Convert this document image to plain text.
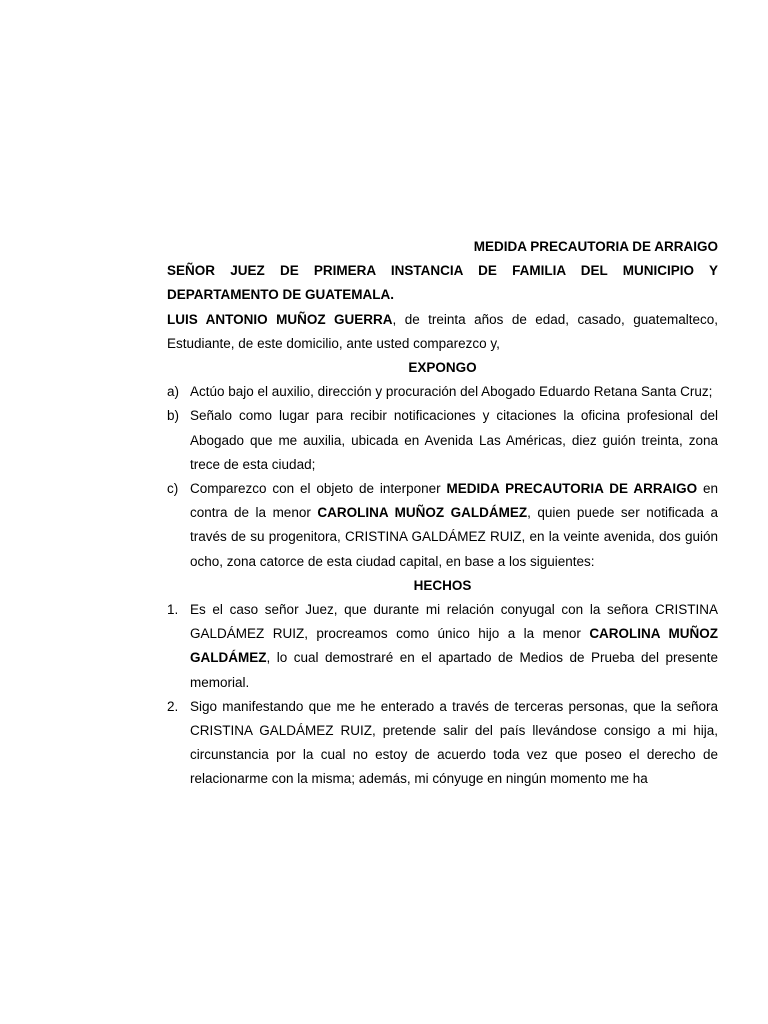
MEDIDA PRECAUTORIA DE ARRAIGO
SEÑOR JUEZ DE PRIMERA INSTANCIA DE FAMILIA DEL MUNICIPIO Y DEPARTAMENTO DE GUATEMALA.
LUIS ANTONIO MUÑOZ GUERRA, de treinta años de edad, casado, guatemalteco, Estudiante, de este domicilio, ante usted comparezco y,
EXPONGO
a) Actúo bajo el auxilio, dirección y procuración del Abogado Eduardo Retana Santa Cruz;
b) Señalo como lugar para recibir notificaciones y citaciones la oficina profesional del Abogado que me auxilia, ubicada en Avenida Las Américas, diez guión treinta, zona trece de esta ciudad;
c) Comparezco con el objeto de interponer MEDIDA PRECAUTORIA DE ARRAIGO en contra de la menor CAROLINA MUÑOZ GALDÁMEZ, quien puede ser notificada a través de su progenitora, CRISTINA GALDÁMEZ RUIZ, en la veinte avenida, dos guión ocho, zona catorce de esta ciudad capital, en base a los siguientes:
HECHOS
1. Es el caso señor Juez, que durante mi relación conyugal con la señora CRISTINA GALDÁMEZ RUIZ, procreamos como único hijo a la menor CAROLINA MUÑOZ GALDÁMEZ, lo cual demostraré en el apartado de Medios de Prueba del presente memorial.
2. Sigo manifestando que me he enterado a través de terceras personas, que la señora CRISTINA GALDÁMEZ RUIZ, pretende salir del país llevándose consigo a mi hija, circunstancia por la cual no estoy de acuerdo toda vez que poseo el derecho de relacionarme con la misma; además, mi cónyuge en ningún momento me ha
